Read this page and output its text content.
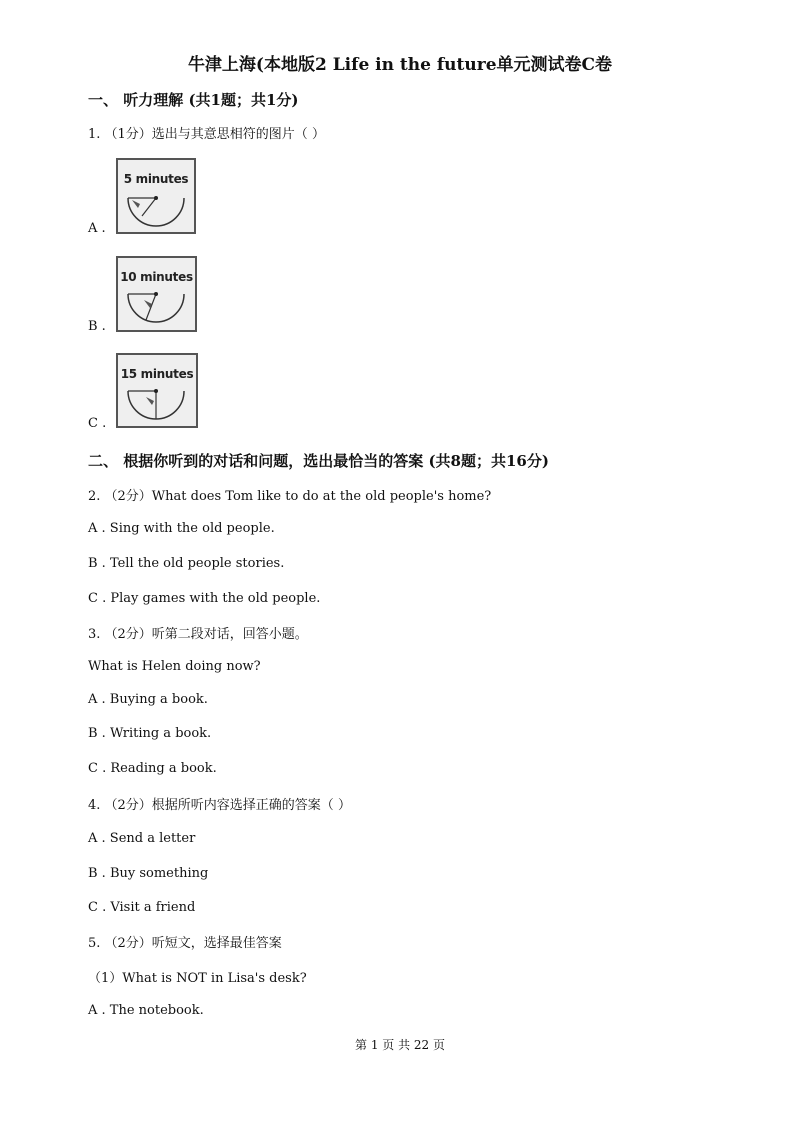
牛津上海(本地版2 Life in the future单元测试卷C卷
一、 听力理解 (共1题；共1分)
1. （1分）选出与其意思相符的图片（ ）
A .
5 minutes
B .
10 minutes
C .
15 minutes
二、 根据你听到的对话和问题，选出最恰当的答案 (共8题；共16分)
2. （2分）What does Tom like to do at the old people's home?
A . Sing with the old people.
B . Tell the old people stories.
C . Play games with the old people.
3. （2分）听第二段对话，回答小题。
What is Helen doing now?
A . Buying a book.
B . Writing a book.
C . Reading a book.
4. （2分）根据所听内容选择正确的答案（ ）
A . Send a letter
B . Buy something
C . Visit a friend
5. （2分）听短文，选择最佳答案
（1）What is NOT in Lisa's desk?
A . The notebook.
第 1 页 共 22 页
